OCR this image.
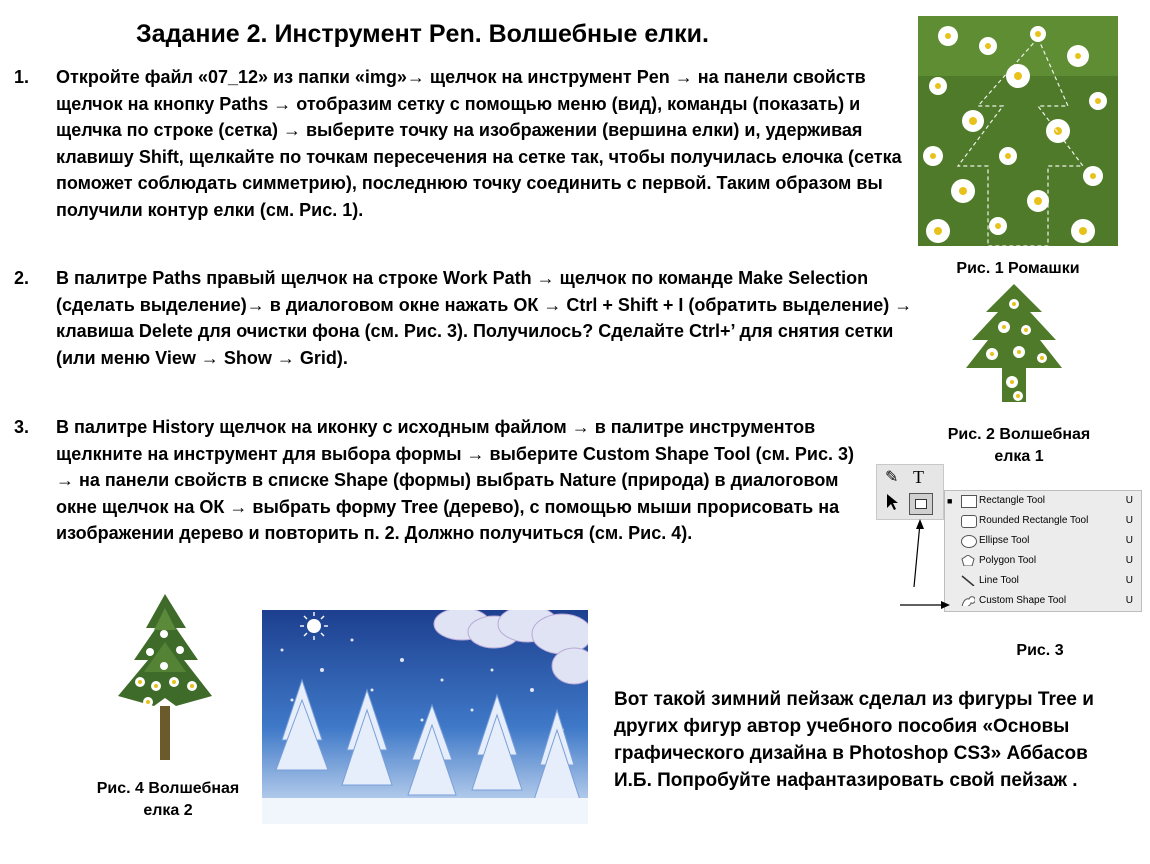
Задание 2. Инструмент Pen. Волшебные елки.
1. Откройте файл «07_12» из папки «img»→ щелчок на инструмент Pen → на панели свойств щелчок на кнопку Paths → отобразим сетку с помощью меню (вид), команды (показать) и щелчка по строке (сетка) → выберите точку на изображении (вершина елки) и, удерживая клавишу Shift, щелкайте по точкам пересечения на сетке так, чтобы получилась елочка (сетка поможет соблюдать симметрию), последнюю точку соединить с первой. Таким образом вы получили контур елки (см. Рис. 1).
2. В палитре Paths правый щелчок на строке Work Path → щелчок по команде Make Selection (сделать выделение)→ в диалоговом окне нажать ОК → Ctrl + Shift + I (обратить выделение) → клавиша Delete для очистки фона (см. Рис. 3). Получилось? Сделайте Ctrl+’ для снятия сетки (или меню View → Show → Grid).
3. В палитре History щелчок на иконку с исходным файлом → в палитре инструментов щелкните на инструмент для выбора формы → выберите Custom Shape Tool (см. Рис. 3) → на панели свойств в списке Shape (формы) выбрать Nature (природа) в диалоговом окне щелчок на ОК → выбрать форму Tree (дерево), с помощью мыши прорисовать на изображении дерево и повторить п. 2. Должно получиться (см. Рис. 4).
Рис. 1 Ромашки
Рис. 2 Волшебная
елка 1
✎ T
■	Rectangle Tool	U
Rounded Rectangle Tool	U
Ellipse Tool	U
Polygon Tool	U
Line Tool	U
Custom Shape Tool	U
Рис. 3
Рис. 4 Волшебная
елка 2
Вот такой зимний пейзаж сделал из фигуры Tree и других фигур автор учебного пособия «Основы графического дизайна в Photoshop CS3» Аббасов И.Б. Попробуйте нафантазировать свой пейзаж .
